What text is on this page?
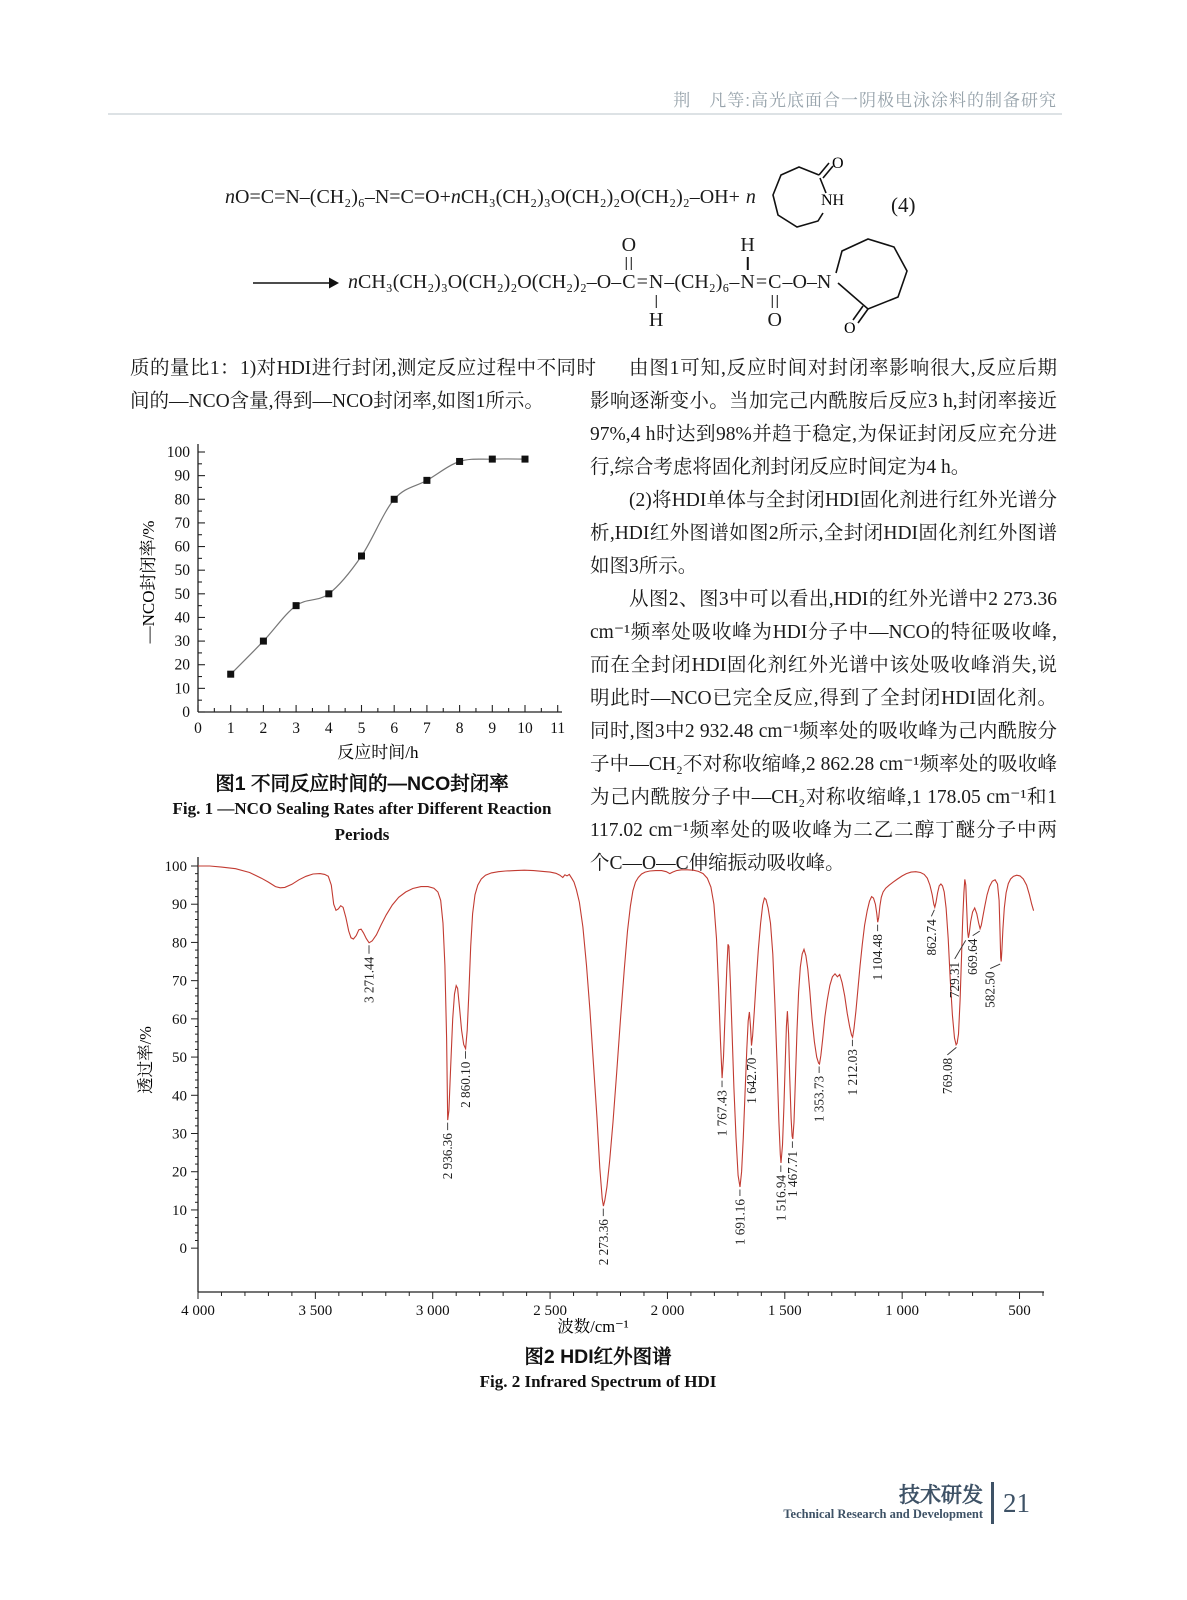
荆　凡等:高光底面合一阴极电泳涂料的制备研究
n O=C=N–(CH₂)₆–N=C=O+ n CH₃(CH₂)₃O(CH₂)₂O(CH₂)₂–OH+ n
O
NH (4)
n CH₃(CH₂)₃O(CH₂)₂O(CH₂)₂–O– C
O
= N
H
–(CH₂)₆– N
H
= C
O
–O–N
O

质的量比1：1)对HDI进行封闭,测定反应过程中不同时间的—NCO含量,得到—NCO封闭率,如图1所示。

100
90
80
70
60
50
50
40
30
20
10
0
0 1 2 3 4 5 6 7 8 9 10 11
反应时间/h
—NCO封闭率/%
图1 不同反应时间的—NCO封闭率
Fig. 1 —NCO Sealing Rates after Different Reaction
Periods

由图1可知,反应时间对封闭率影响很大,反应后期影响逐渐变小。当加完己内酰胺后反应3 h,封闭率接近97%,4 h时达到98%并趋于稳定,为保证封闭反应充分进行,综合考虑将固化剂封闭反应时间定为4 h。

(2)将HDI单体与全封闭HDI固化剂进行红外光谱分析,HDI红外图谱如图2所示,全封闭HDI固化剂红外图谱如图3所示。

从图2、图3中可以看出,HDI的红外光谱中2 273.36 cm⁻¹频率处吸收峰为HDI分子中—NCO的特征吸收峰,而在全封闭HDI固化剂红外光谱中该处吸收峰消失,说明此时—NCO已完全反应,得到了全封闭HDI固化剂。同时,图3中2 932.48 cm⁻¹频率处的吸收峰为己内酰胺分子中—CH₂不对称收缩峰,2 862.28 cm⁻¹频率处的吸收峰为己内酰胺分子中—CH₂对称收缩峰,1 178.05 cm⁻¹和1 117.02 cm⁻¹频率处的吸收峰为二乙二醇丁醚分子中两个C—O—C伸缩振动吸收峰。

0
10
20
30
40
50
60
70
80
90
100
4 000	3 500	3 000	2 500	2 000	1 500	1 000	500
波数/cm⁻¹
透过率/%
3 271.44
2 936.36
2 860.10
2 273.36
1 767.43
1 691.16
1 642.70
1 516.94
1 467.71
1 353.73
1 212.03
1 104.48	862.74
769.08
729.31
669.64
582.50
图2 HDI红外图谱
Fig. 2 Infrared Spectrum of HDI
技术研发
Technical Research and Development 21
